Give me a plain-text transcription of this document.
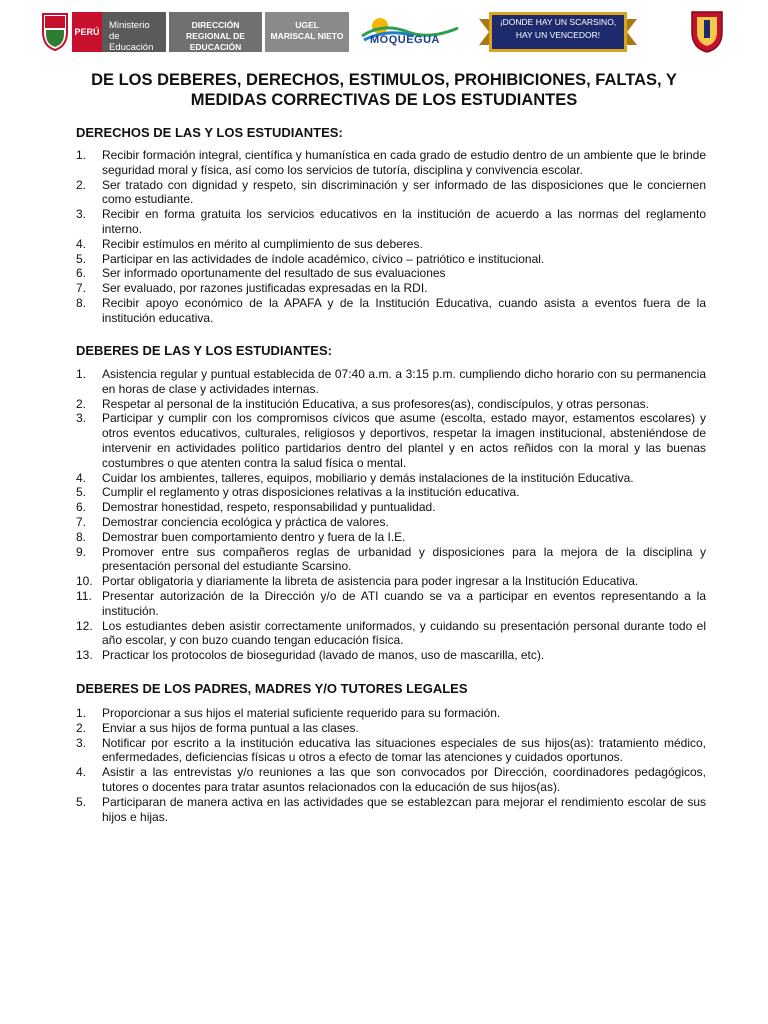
PERÚ
Ministerio
de Educación
DIRECCIÓN REGIONAL DE
EDUCACIÓN MOQUEGUA
UGEL
MARISCAL NIETO	MOQUEGUA
¡DONDE HAY UN SCARSINO,
HAY UN VENCEDOR!
DE LOS DEBERES, DERECHOS, ESTIMULOS, PROHIBICIONES, FALTAS, Y MEDIDAS CORRECTIVAS DE LOS ESTUDIANTES
DERECHOS DE LAS Y LOS ESTUDIANTES:
1. Recibir formación integral, científica y humanística en cada grado de estudio dentro de un ambiente que le brinde seguridad moral y física, así como los servicios de tutoría, disciplina y convivencia escolar.
2. Ser tratado con dignidad y respeto, sin discriminación y ser informado de las disposiciones que le conciernen como estudiante.
3. Recibir en forma gratuita los servicios educativos en la institución de acuerdo a las normas del reglamento interno.
4. Recibir estímulos en mérito al cumplimiento de sus deberes.
5. Participar en las actividades de índole académico, cívico – patriótico e institucional.
6. Ser informado oportunamente del resultado de sus evaluaciones
7. Ser evaluado, por razones justificadas expresadas en la RDI.
8. Recibir apoyo económico de la APAFA y de la Institución Educativa, cuando asista a eventos fuera de la institución educativa.
DEBERES DE LAS Y LOS ESTUDIANTES:
1. Asistencia regular y puntual establecida de 07:40 a.m. a 3:15 p.m. cumpliendo dicho horario con su permanencia en horas de clase y actividades internas.
2. Respetar al personal de la institución Educativa, a sus profesores(as), condiscípulos, y otras personas.
3. Participar y cumplir con los compromisos cívicos que asume (escolta, estado mayor, estamentos escolares) y otros eventos educativos, culturales, religiosos y deportivos, respetar la imagen institucional, absteniéndose de intervenir en actividades político partidarios dentro del plantel y en actos reñidos con la moral y las buenas costumbres o que atenten contra la salud física o mental.
4. Cuidar los ambientes, talleres, equipos, mobiliario y demás instalaciones de la institución Educativa.
5. Cumplir el reglamento y otras disposiciones relativas a la institución educativa.
6. Demostrar honestidad, respeto, responsabilidad y puntualidad.
7. Demostrar conciencia ecológica y práctica de valores.
8. Demostrar buen comportamiento dentro y fuera de la I.E.
9. Promover entre sus compañeros reglas de urbanidad y disposiciones para la mejora de la disciplina y presentación personal del estudiante Scarsino.
10. Portar obligatoria y diariamente la libreta de asistencia para poder ingresar a la Institución Educativa.
11. Presentar autorización de la Dirección y/o de ATI cuando se va a participar en eventos representando a la institución.
12. Los estudiantes deben asistir correctamente uniformados, y cuidando su presentación personal durante todo el año escolar, y con buzo cuando tengan educación física.
13. Practicar los protocolos de bioseguridad (lavado de manos, uso de mascarilla, etc).
DEBERES DE LOS PADRES, MADRES Y/O TUTORES LEGALES
1. Proporcionar a sus hijos el material suficiente requerido para su formación.
2. Enviar a sus hijos de forma puntual a las clases.
3. Notificar por escrito a la institución educativa las situaciones especiales de sus hijos(as): tratamiento médico, enfermedades, deficiencias físicas u otros a efecto de tomar las atenciones y cuidados oportunos.
4. Asistir a las entrevistas y/o reuniones a las que son convocados por Dirección, coordinadores pedagógicos, tutores o docentes para tratar asuntos relacionados con la educación de sus hijos(as).
5. Participaran de manera activa en las actividades que se establezcan para mejorar el rendimiento escolar de sus hijos e hijas.
